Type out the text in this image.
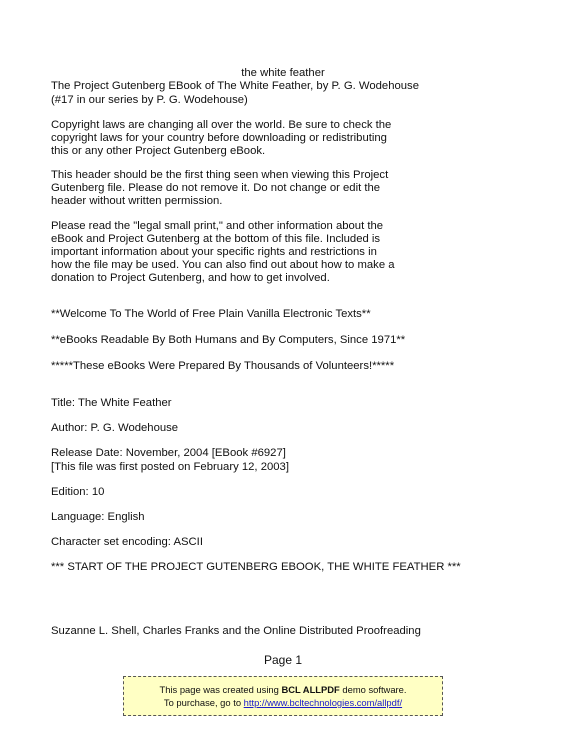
the white feather
The Project Gutenberg EBook of The White Feather, by P. G. Wodehouse
(#17 in our series by P. G. Wodehouse)
Copyright laws are changing all over the world. Be sure to check the
copyright laws for your country before downloading or redistributing
this or any other Project Gutenberg eBook.
This header should be the first thing seen when viewing this Project
Gutenberg file. Please do not remove it. Do not change or edit the
header without written permission.
Please read the "legal small print," and other information about the
eBook and Project Gutenberg at the bottom of this file. Included is
important information about your specific rights and restrictions in
how the file may be used. You can also find out about how to make a
donation to Project Gutenberg, and how to get involved.
**Welcome To The World of Free Plain Vanilla Electronic Texts**
**eBooks Readable By Both Humans and By Computers, Since 1971**
*****These eBooks Were Prepared By Thousands of Volunteers!*****
Title: The White Feather
Author: P. G. Wodehouse
Release Date: November, 2004 [EBook #6927]
[This file was first posted on February 12, 2003]
Edition: 10
Language: English
Character set encoding: ASCII
*** START OF THE PROJECT GUTENBERG EBOOK, THE WHITE FEATHER ***
Suzanne L. Shell, Charles Franks and the Online Distributed Proofreading
Page 1
This page was created using BCL ALLPDF demo software.
To purchase, go to http://www.bcltechnologies.com/allpdf/
